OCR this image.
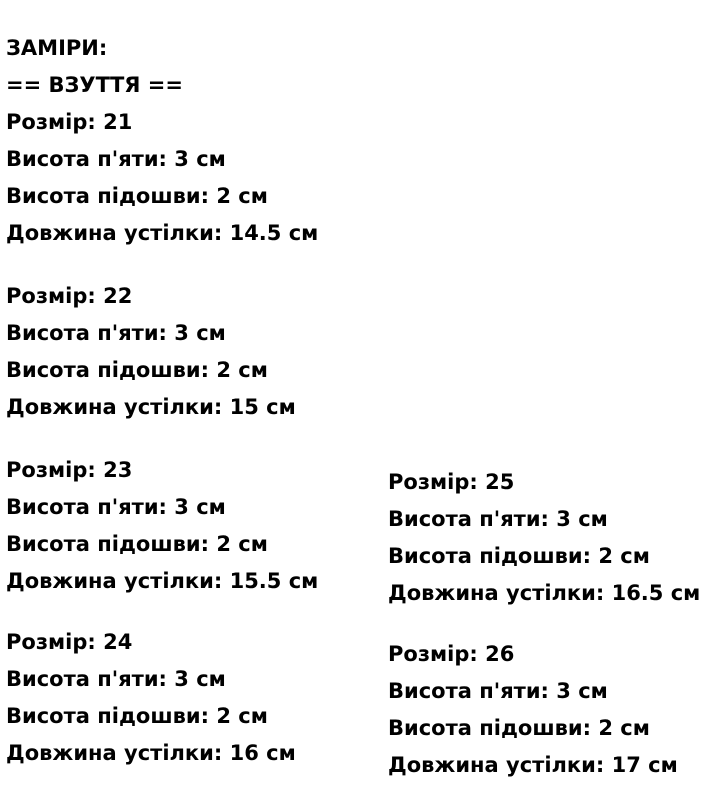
ЗАМІРИ:
== ВЗУТТЯ ==
Розмір: 21
Висота п'яти: 3 см
Висота підошви: 2 см
Довжина устілки: 14.5 см
Розмір: 22
Висота п'яти: 3 см
Висота підошви: 2 см
Довжина устілки: 15 см
Розмір: 23
Висота п'яти: 3 см
Висота підошви: 2 см
Довжина устілки: 15.5 см
Розмір: 24
Висота п'яти: 3 см
Висота підошви: 2 см
Довжина устілки: 16 см
Розмір: 25
Висота п'яти: 3 см
Висота підошви: 2 см
Довжина устілки: 16.5 см
Розмір: 26
Висота п'яти: 3 см
Висота підошви: 2 см
Довжина устілки: 17 см
